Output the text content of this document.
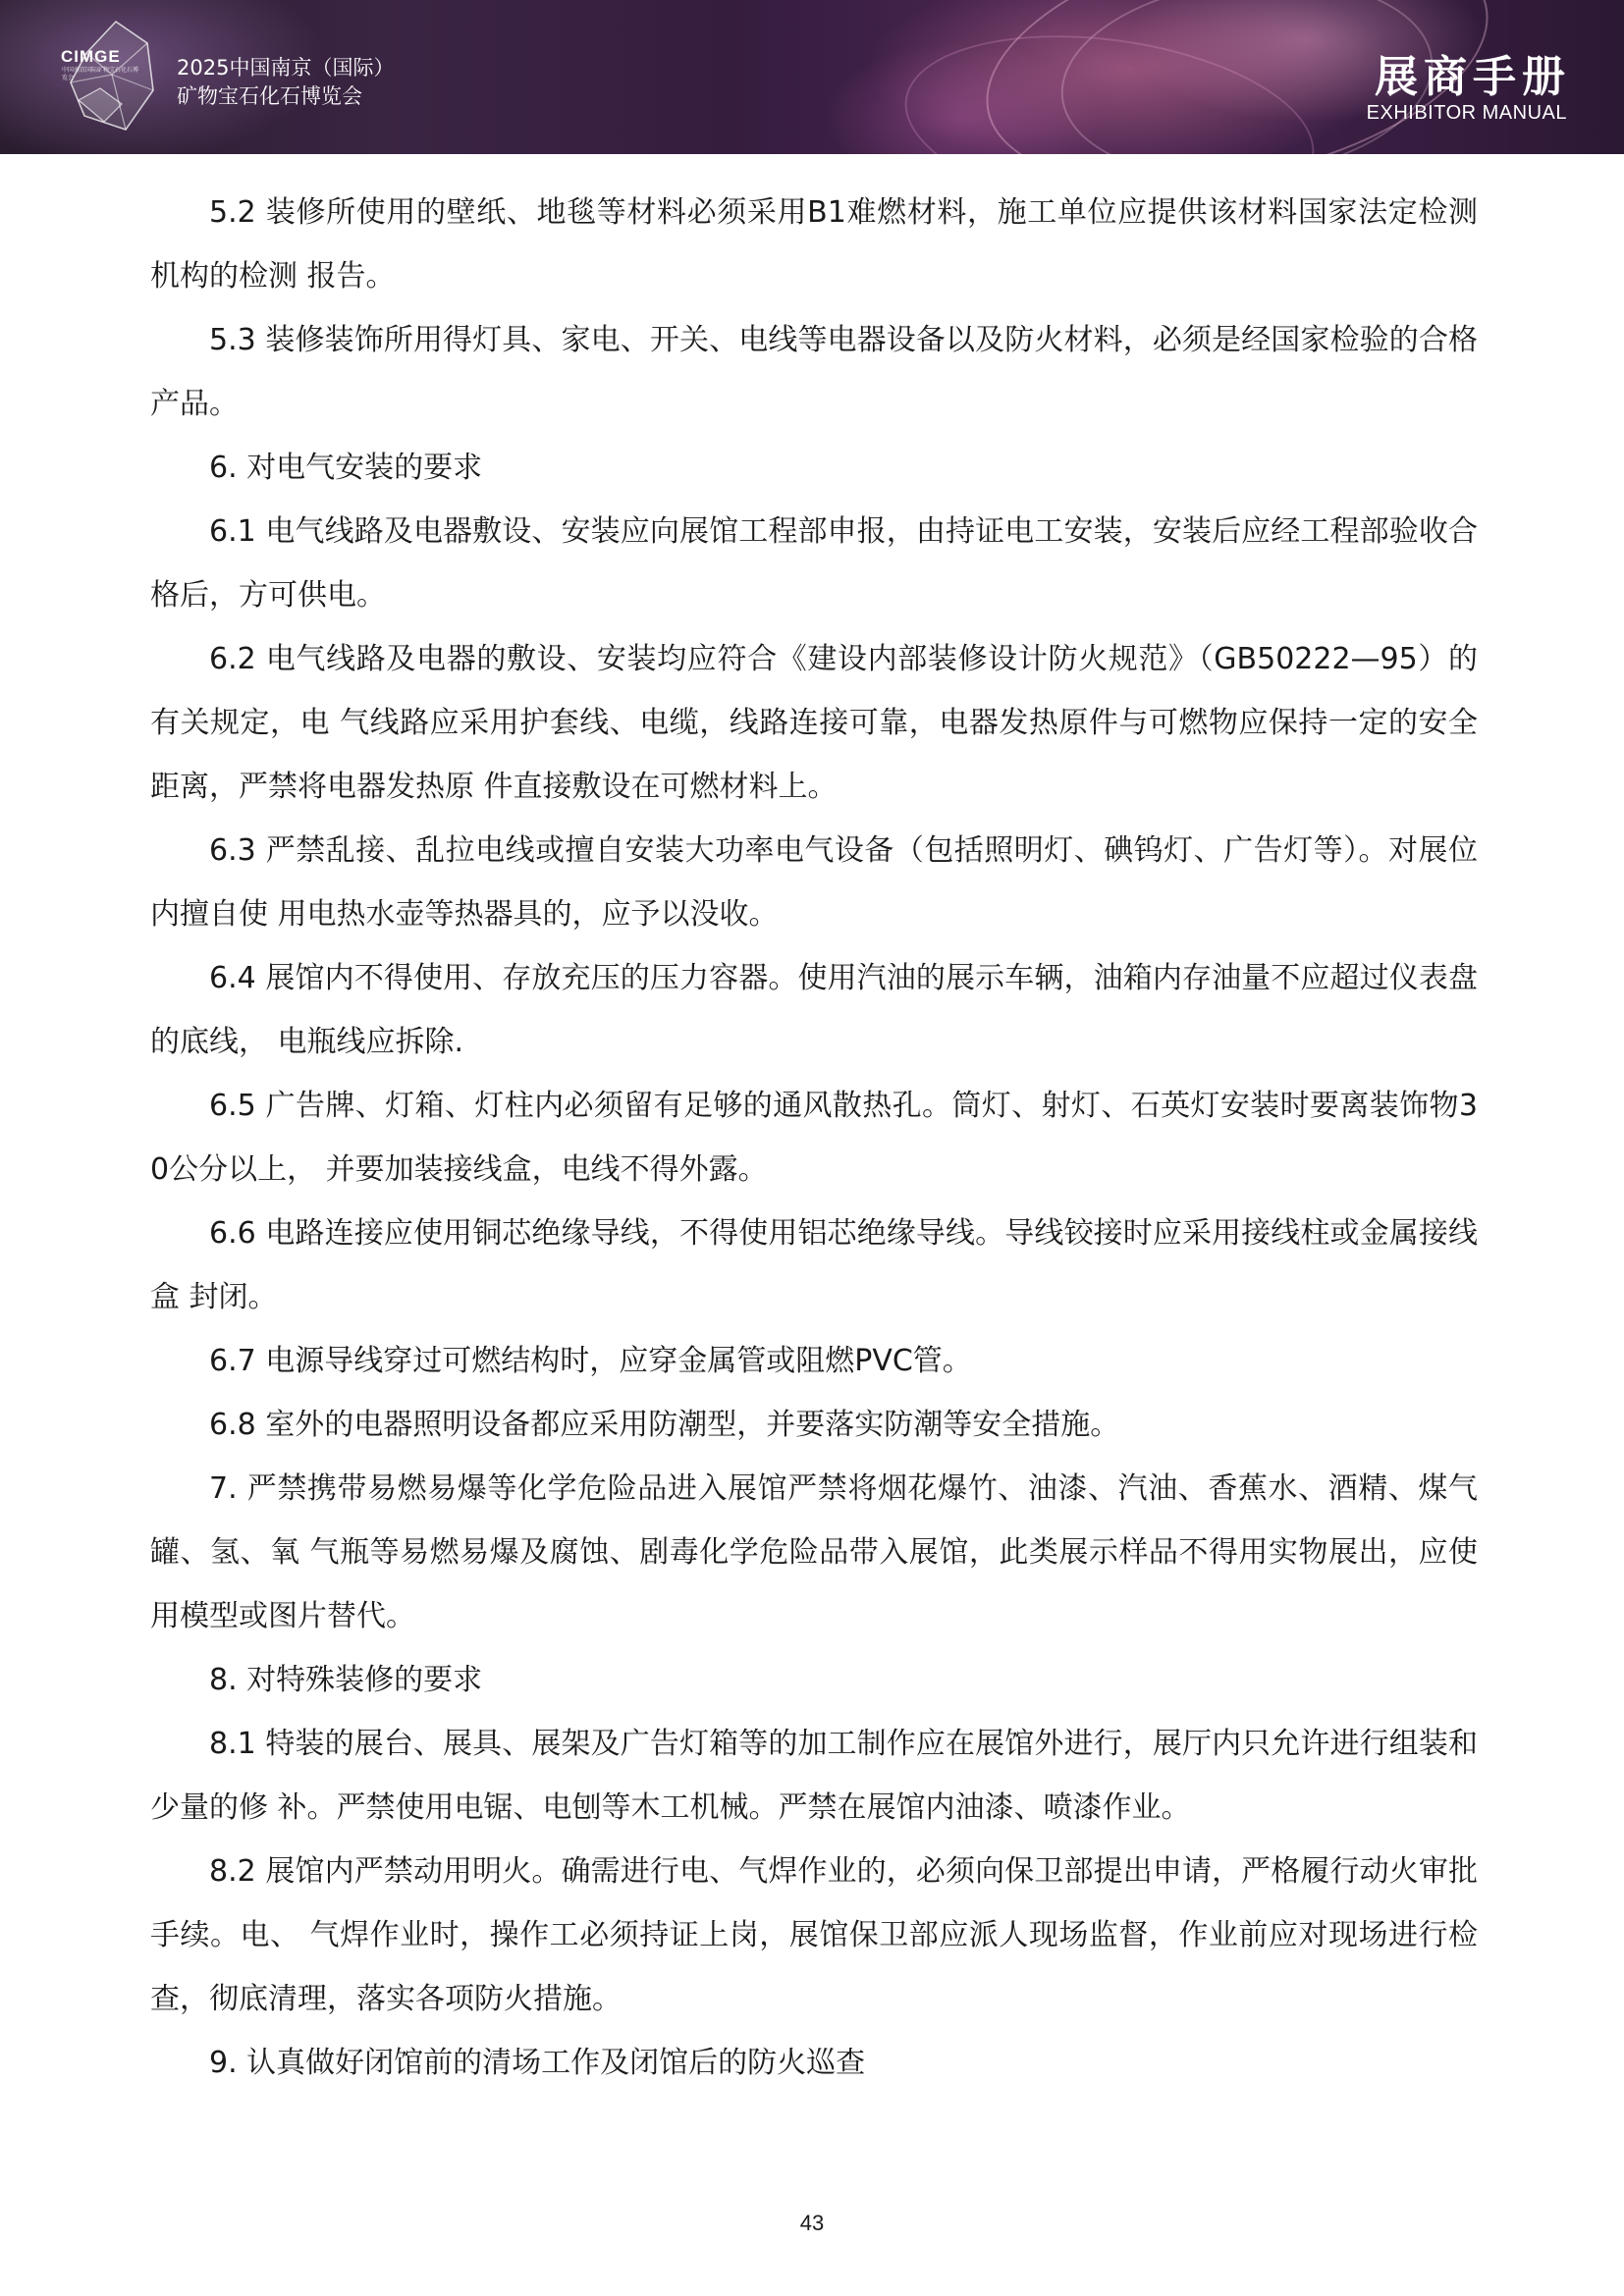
CIMGE
中国南京国际矿物宝石化石博览会	2025中国南京（国际）
矿物宝石化石博览会	展商手册
EXHIBITOR MANUAL

5.2 装修所使用的壁纸、地毯等材料必须采用B1难燃材料，施工单位应提供该材料国家法定检测机构的检测 报告。

5.3 装修装饰所用得灯具、家电、开关、电线等电器设备以及防火材料，必须是经国家检验的合格产品。

6. 对电气安装的要求

6.1 电气线路及电器敷设、安装应向展馆工程部申报，由持证电工安装，安装后应经工程部验收合格后，方可供电。

6.2 电气线路及电器的敷设、安装均应符合《建设内部装修设计防火规范》（GB50222—95）的有关规定，电 气线路应采用护套线、电缆，线路连接可靠，电器发热原件与可燃物应保持一定的安全距离，严禁将电器发热原 件直接敷设在可燃材料上。

6.3 严禁乱接、乱拉电线或擅自安装大功率电气设备（包括照明灯、碘钨灯、广告灯等）。对展位内擅自使 用电热水壶等热器具的，应予以没收。

6.4 展馆内不得使用、存放充压的压力容器。使用汽油的展示车辆，油箱内存油量不应超过仪表盘的底线， 电瓶线应拆除.

6.5 广告牌、灯箱、灯柱内必须留有足够的通风散热孔。筒灯、射灯、石英灯安装时要离装饰物30公分以上， 并要加装接线盒，电线不得外露。

6.6 电路连接应使用铜芯绝缘导线，不得使用铝芯绝缘导线。导线铰接时应采用接线柱或金属接线盒 封闭。

6.7 电源导线穿过可燃结构时，应穿金属管或阻燃PVC管。

6.8 室外的电器照明设备都应采用防潮型，并要落实防潮等安全措施。

7. 严禁携带易燃易爆等化学危险品进入展馆严禁将烟花爆竹、油漆、汽油、香蕉水、酒精、煤气罐、氢、氧 气瓶等易燃易爆及腐蚀、剧毒化学危险品带入展馆，此类展示样品不得用实物展出，应使用模型或图片替代。

8. 对特殊装修的要求

8.1 特装的展台、展具、展架及广告灯箱等的加工制作应在展馆外进行，展厅内只允许进行组装和少量的修 补。严禁使用电锯、电刨等木工机械。严禁在展馆内油漆、喷漆作业。

8.2 展馆内严禁动用明火。确需进行电、气焊作业的，必须向保卫部提出申请，严格履行动火审批手续。电、 气焊作业时，操作工必须持证上岗，展馆保卫部应派人现场监督，作业前应对现场进行检查，彻底清理，落实各项防火措施。

9. 认真做好闭馆前的清场工作及闭馆后的防火巡查

43
